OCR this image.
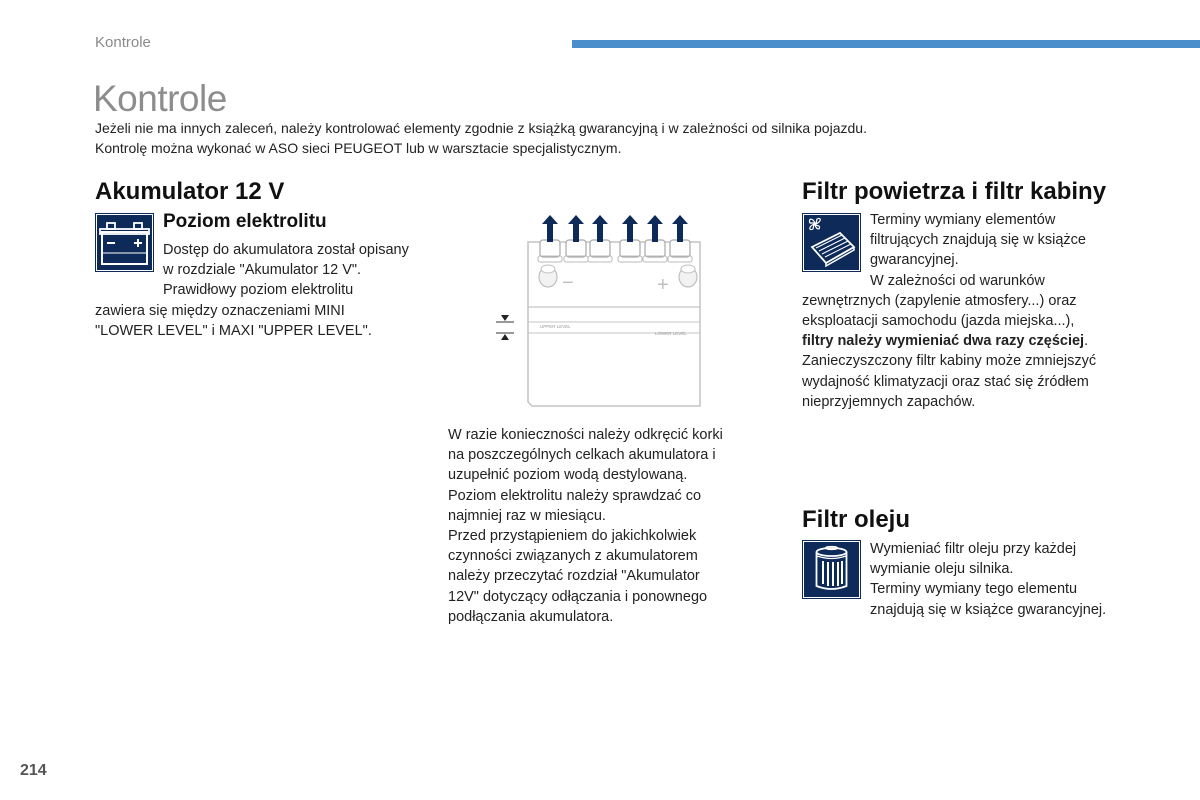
Kontrole
Kontrole
Jeżeli nie ma innych zaleceń, należy kontrolować elementy zgodnie z książką gwarancyjną i w zależności od silnika pojazdu.
Kontrolę można wykonać w ASO sieci PEUGEOT lub w warsztacie specjalistycznym.
Akumulator 12 V
Poziom elektrolitu
Dostęp do akumulatora został opisany
w rozdziale "Akumulator 12 V".
Prawidłowy poziom elektrolitu
zawiera się między oznaczeniami MINI
"LOWER LEVEL" i MAXI "UPPER LEVEL".
−	+
UPPER LEVEL
LOWER LEVEL
W razie konieczności należy odkręcić korki
na poszczególnych celkach akumulatora i
uzupełnić poziom wodą destylowaną.
Poziom elektrolitu należy sprawdzać co
najmniej raz w miesiącu.
Przed przystąpieniem do jakichkolwiek
czynności związanych z akumulatorem
należy przeczytać rozdział "Akumulator
12V" dotyczący odłączania i ponownego
podłączania akumulatora.
Filtr powietrza i filtr kabiny
Terminy wymiany elementów
filtrujących znajdują się w książce
gwarancyjnej.
W zależności od warunków
zewnętrznych (zapylenie atmosfery...) oraz
eksploatacji samochodu (jazda miejska...),
filtry należy wymieniać dwa razy częściej.
Zanieczyszczony filtr kabiny może zmniejszyć
wydajność klimatyzacji oraz stać się źródłem
nieprzyjemnych zapachów.
Filtr oleju
Wymieniać filtr oleju przy każdej
wymianie oleju silnika.
Terminy wymiany tego elementu
znajdują się w książce gwarancyjnej.
214
